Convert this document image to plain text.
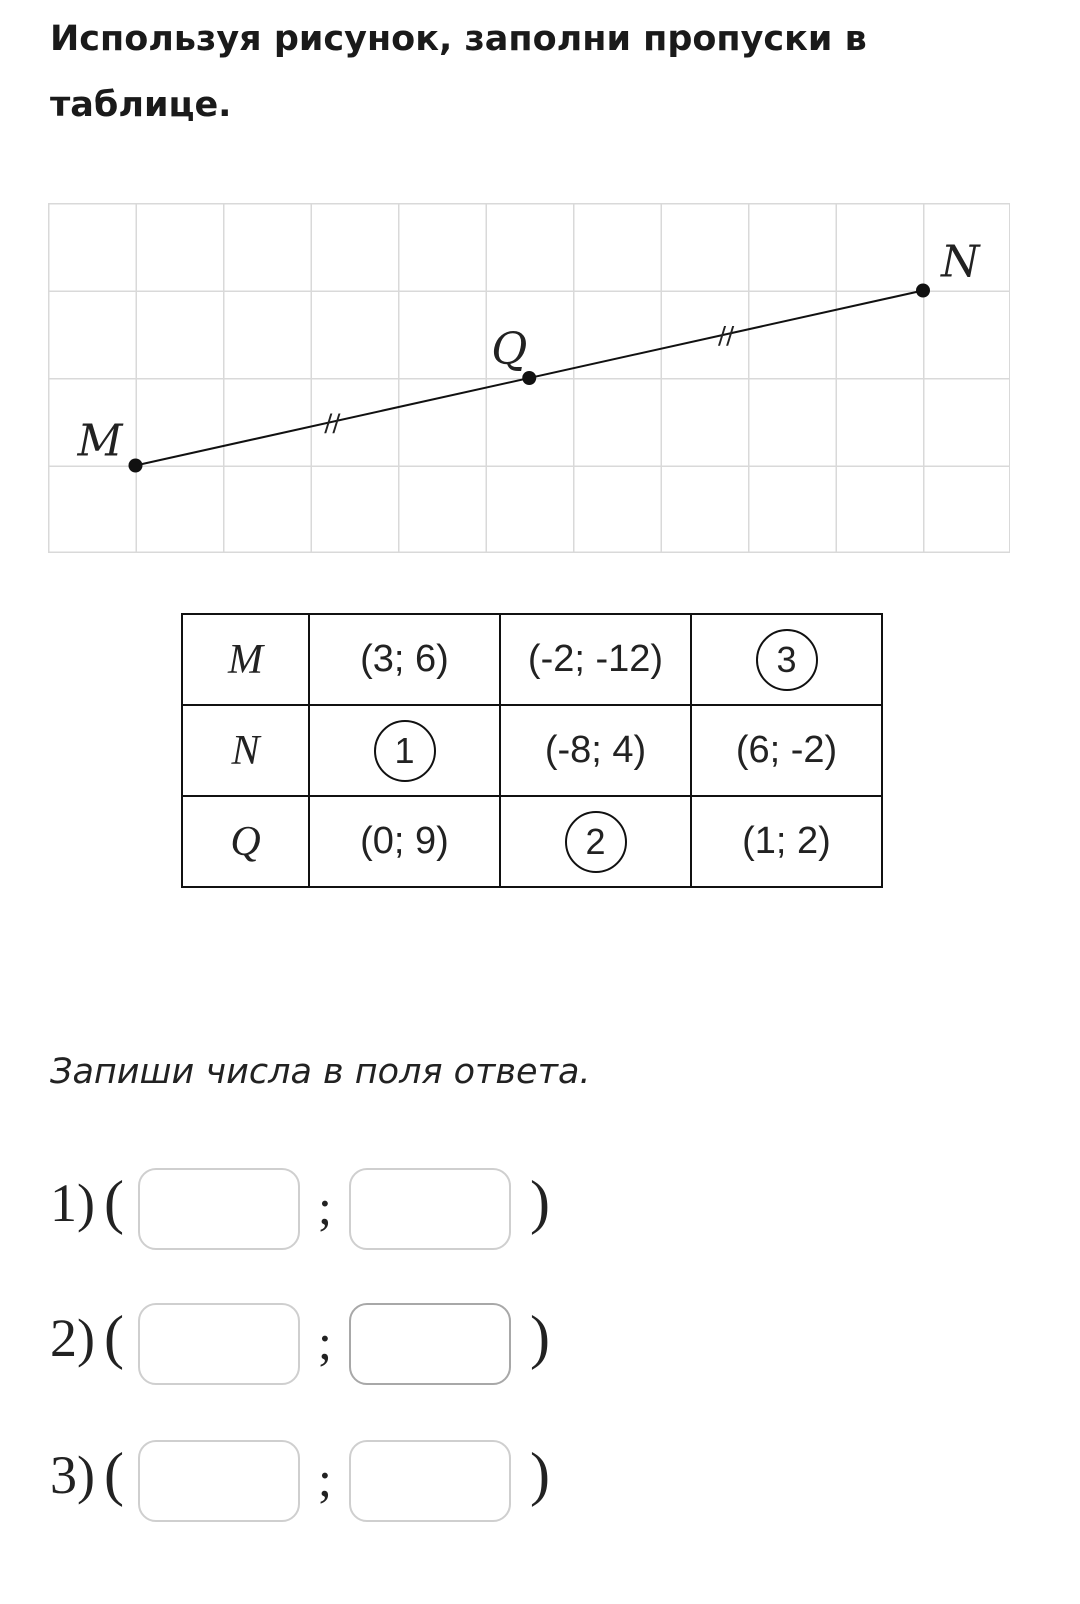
Используя рисунок, заполни пропуски в таблице.
//
//
M
Q
N
M	(3; 6)	(-2; -12)	3
N	1	(-8; 4)	(6; -2)
Q	(0; 9)	2	(1; 2)
Запиши числа в поля ответа.
1) (	;	)
2) (	;	)
3) (	;	)
